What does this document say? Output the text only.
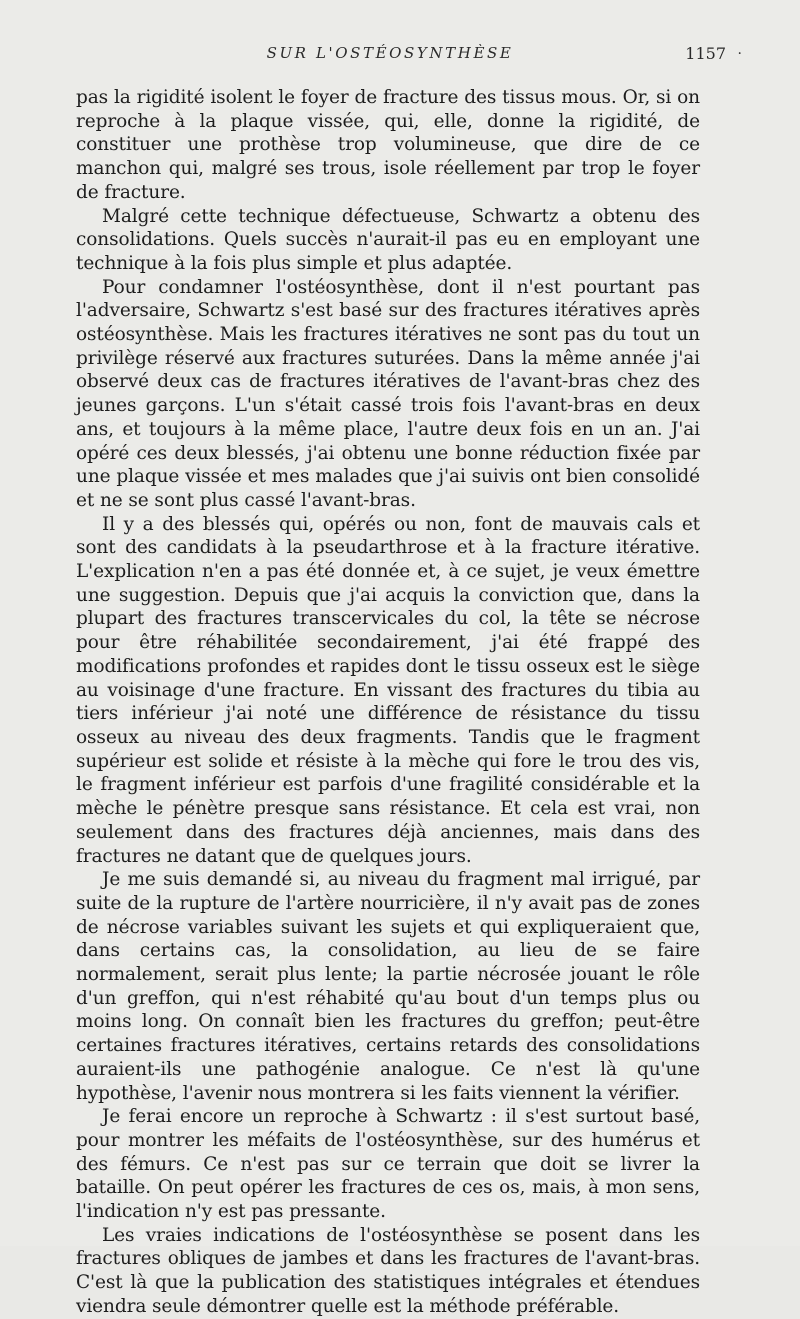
SUR L'OSTÉOSYNTHÈSE	1157 ·

pas la rigidité isolent le foyer de fracture des tissus mous. Or, si on reproche à la plaque vissée, qui, elle, donne la rigidité, de constituer une prothèse trop volumineuse, que dire de ce manchon qui, malgré ses trous, isole réellement par trop le foyer de fracture.

Malgré cette technique défectueuse, Schwartz a obtenu des consolidations. Quels succès n'aurait-il pas eu en employant une technique à la fois plus simple et plus adaptée.

Pour condamner l'ostéosynthèse, dont il n'est pourtant pas l'adversaire, Schwartz s'est basé sur des fractures itératives après ostéosynthèse. Mais les fractures itératives ne sont pas du tout un privilège réservé aux fractures suturées. Dans la même année j'ai observé deux cas de fractures itératives de l'avant-bras chez des jeunes garçons. L'un s'était cassé trois fois l'avant-bras en deux ans, et toujours à la même place, l'autre deux fois en un an. J'ai opéré ces deux blessés, j'ai obtenu une bonne réduction fixée par une plaque vissée et mes malades que j'ai suivis ont bien consolidé et ne se sont plus cassé l'avant-bras.

Il y a des blessés qui, opérés ou non, font de mauvais cals et sont des candidats à la pseudarthrose et à la fracture itérative. L'explication n'en a pas été donnée et, à ce sujet, je veux émettre une suggestion. Depuis que j'ai acquis la conviction que, dans la plupart des fractures transcervicales du col, la tête se nécrose pour être réhabilitée secondairement, j'ai été frappé des modifications profondes et rapides dont le tissu osseux est le siège au voisinage d'une fracture. En vissant des fractures du tibia au tiers inférieur j'ai noté une différence de résistance du tissu osseux au niveau des deux fragments. Tandis que le fragment supérieur est solide et résiste à la mèche qui fore le trou des vis, le fragment inférieur est parfois d'une fragilité considérable et la mèche le pénètre presque sans résistance. Et cela est vrai, non seulement dans des fractures déjà anciennes, mais dans des fractures ne datant que de quelques jours.

Je me suis demandé si, au niveau du fragment mal irrigué, par suite de la rupture de l'artère nourricière, il n'y avait pas de zones de nécrose variables suivant les sujets et qui expliqueraient que, dans certains cas, la consolidation, au lieu de se faire normalement, serait plus lente; la partie nécrosée jouant le rôle d'un greffon, qui n'est réhabité qu'au bout d'un temps plus ou moins long. On connaît bien les fractures du greffon; peut-être certaines fractures itératives, certains retards des consolidations auraient-ils une pathogénie analogue. Ce n'est là qu'une hypothèse, l'avenir nous montrera si les faits viennent la vérifier.

Je ferai encore un reproche à Schwartz : il s'est surtout basé, pour montrer les méfaits de l'ostéosynthèse, sur des humérus et des fémurs. Ce n'est pas sur ce terrain que doit se livrer la bataille. On peut opérer les fractures de ces os, mais, à mon sens, l'indication n'y est pas pressante.

Les vraies indications de l'ostéosynthèse se posent dans les fractures obliques de jambes et dans les fractures de l'avant-bras. C'est là que la publication des statistiques intégrales et étendues viendra seule démontrer quelle est la méthode préférable.
